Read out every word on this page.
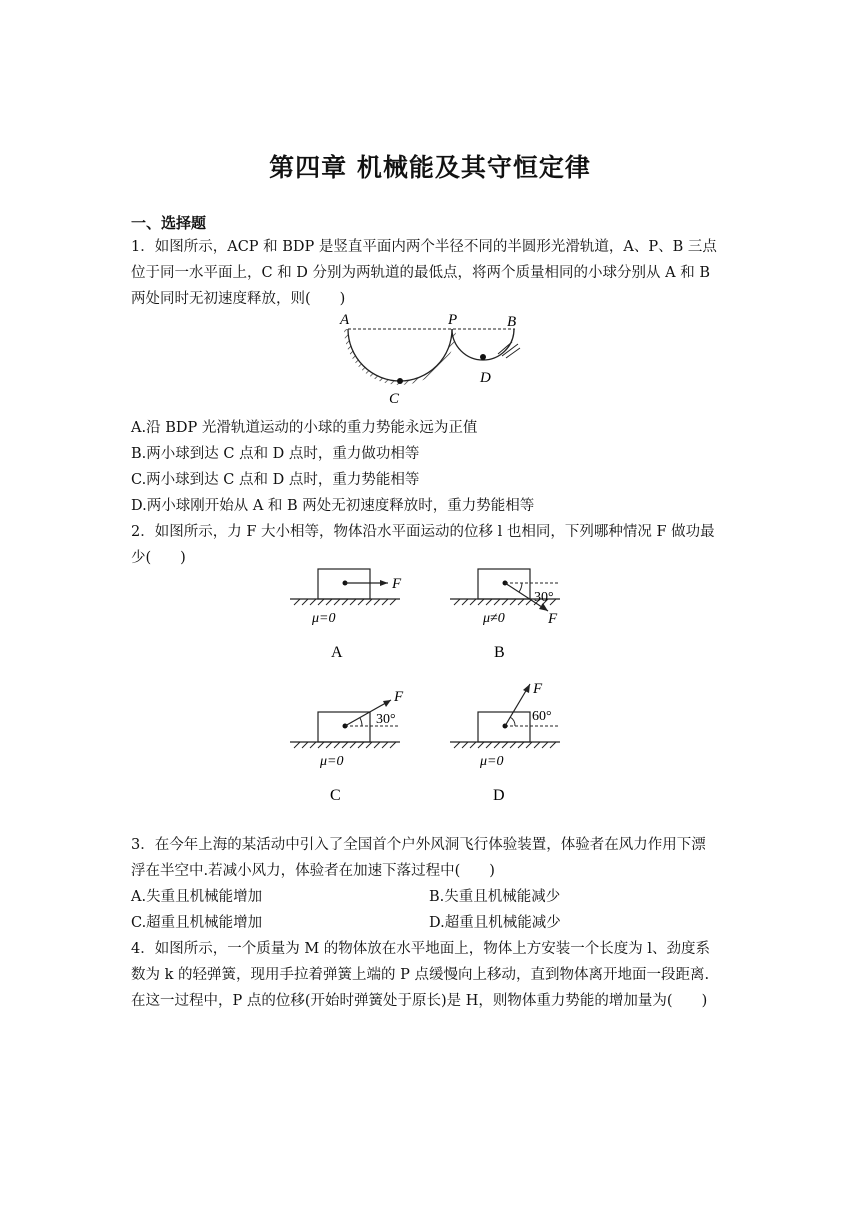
第四章 机械能及其守恒定律
一、选择题
1．如图所示，ACP 和 BDP 是竖直平面内两个半径不同的半圆形光滑轨道，A、P、B 三点
位于同一水平面上，C 和 D 分别为两轨道的最低点，将两个质量相同的小球分别从 A 和 B
两处同时无初速度释放，则(　　)
A	P	B
C
D
A.沿 BDP 光滑轨道运动的小球的重力势能永远为正值
B.两小球到达 C 点和 D 点时，重力做功相等
C.两小球到达 C 点和 D 点时，重力势能相等
D.两小球刚开始从 A 和 B 两处无初速度释放时，重力势能相等
2．如图所示，力 F 大小相等，物体沿水平面运动的位移 l 也相同，下列哪种情况 F 做功最
少(　　)
F
μ=0
A
30°
F
μ≠0
B
30°
F
μ=0
C
60°
F
μ=0
D
3．在今年上海的某活动中引入了全国首个户外风洞飞行体验装置，体验者在风力作用下漂
浮在半空中.若减小风力，体验者在加速下落过程中(　　)
A.失重且机械能增加	B.失重且机械能减少
C.超重且机械能增加	D.超重且机械能减少
4．如图所示，一个质量为 M 的物体放在水平地面上，物体上方安装一个长度为 l、劲度系
数为 k 的轻弹簧，现用手拉着弹簧上端的 P 点缓慢向上移动，直到物体离开地面一段距离.
在这一过程中，P 点的位移(开始时弹簧处于原长)是 H，则物体重力势能的增加量为(　　)
